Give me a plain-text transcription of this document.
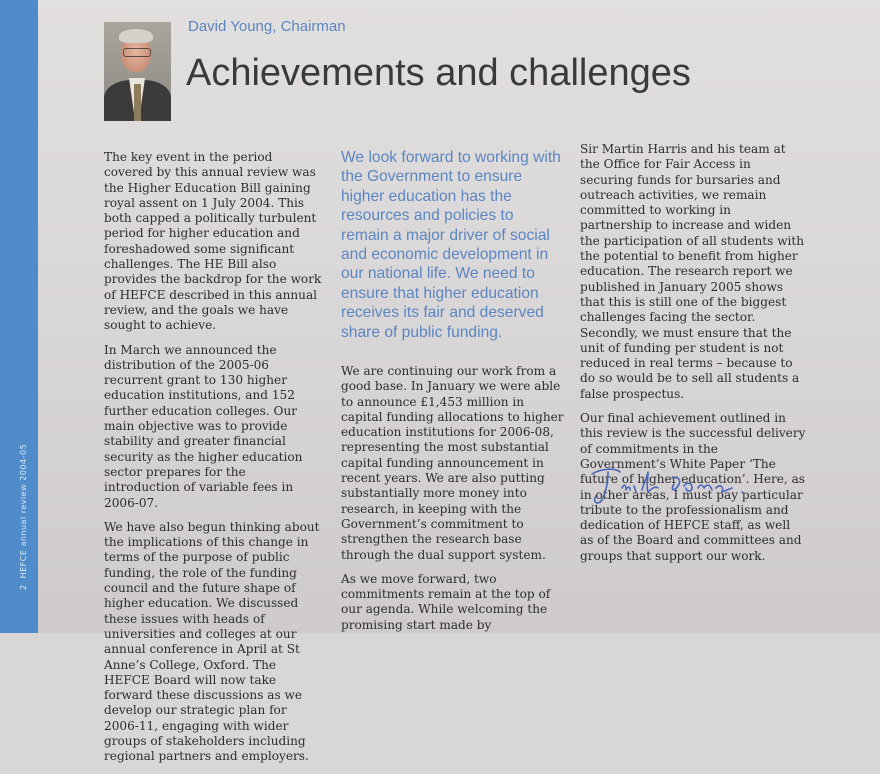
2HEFCE annual review 2004-05
David Young, Chairman
Achievements and challenges

The key event in the period covered by this annual review was the Higher Education Bill gaining royal assent on 1 July 2004. This both capped a politically turbulent period for higher education and foreshadowed some significant challenges. The HE Bill also provides the backdrop for the work of HEFCE described in this annual review, and the goals we have sought to achieve.

In March we announced the distribution of the 2005-06 recurrent grant to 130 higher education institutions, and 152 further education colleges. Our main objective was to provide stability and greater financial security as the higher education sector prepares for the introduction of variable fees in 2006-07.

We have also begun thinking about the implications of this change in terms of the purpose of public funding, the role of the funding council and the future shape of higher education. We discussed these issues with heads of universities and colleges at our annual conference in April at St Anne’s College, Oxford. The HEFCE Board will now take forward these discussions as we develop our strategic plan for 2006-11, engaging with wider groups of stakeholders including regional partners and employers.

We look forward to working with the Government to ensure higher education has the resources and policies to remain a major driver of social and economic development in our national life. We need to ensure that higher education receives its fair and deserved share of public funding.

We are continuing our work from a good base. In January we were able to announce £1,453 million in capital funding allocations to higher education institutions for 2006-08, representing the most substantial capital funding announcement in recent years. We are also putting substantially more money into research, in keeping with the Government’s commitment to strengthen the research base through the dual support system.

As we move forward, two commitments remain at the top of our agenda. While welcoming the promising start made by

Sir Martin Harris and his team at the Office for Fair Access in securing funds for bursaries and outreach activities, we remain committed to working in partnership to increase and widen the participation of all students with the potential to benefit from higher education. The research report we published in January 2005 shows that this is still one of the biggest challenges facing the sector. Secondly, we must ensure that the unit of funding per student is not reduced in real terms – because to do so would be to sell all students a false prospectus.

Our final achievement outlined in this review is the successful delivery of commitments in the Government’s White Paper ‘The future of higher education’. Here, as in other areas, I must pay particular tribute to the professionalism and dedication of HEFCE staff, as well as of the Board and committees and groups that support our work.
